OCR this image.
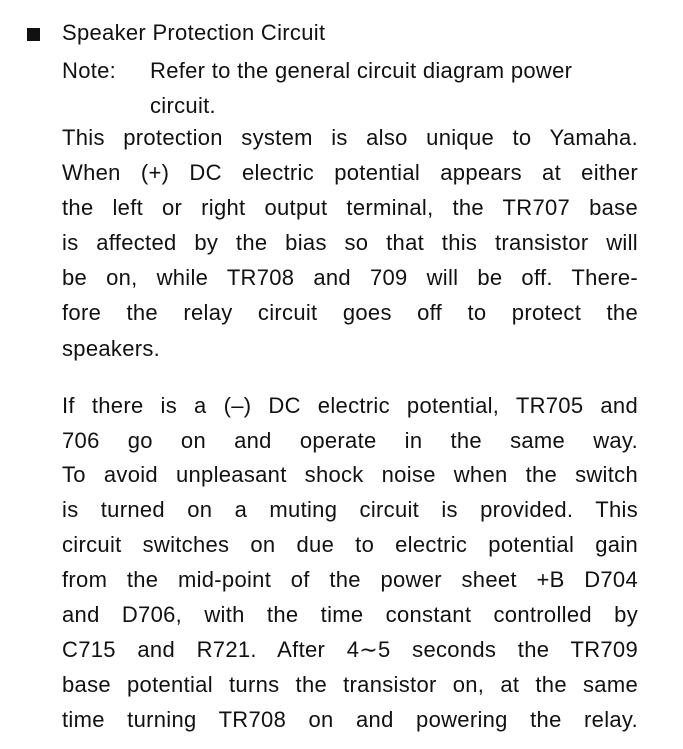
Speaker Protection Circuit
Note: Refer to the general circuit diagram power
circuit.
This protection system is also unique to Yamaha.
When (+) DC electric potential appears at either
the left or right output terminal, the TR707 base
is affected by the bias so that this transistor will
be on, while TR708 and 709 will be off. There-
fore the relay circuit goes off to protect the
speakers.
If there is a (–) DC electric potential, TR705 and
706 go on and operate in the same way.
To avoid unpleasant shock noise when the switch
is turned on a muting circuit is provided. This
circuit switches on due to electric potential gain
from the mid-point of the power sheet +B D704
and D706, with the time constant controlled by
C715 and R721. After 4∼5 seconds the TR709
base potential turns the transistor on, at the same
time turning TR708 on and powering the relay.
